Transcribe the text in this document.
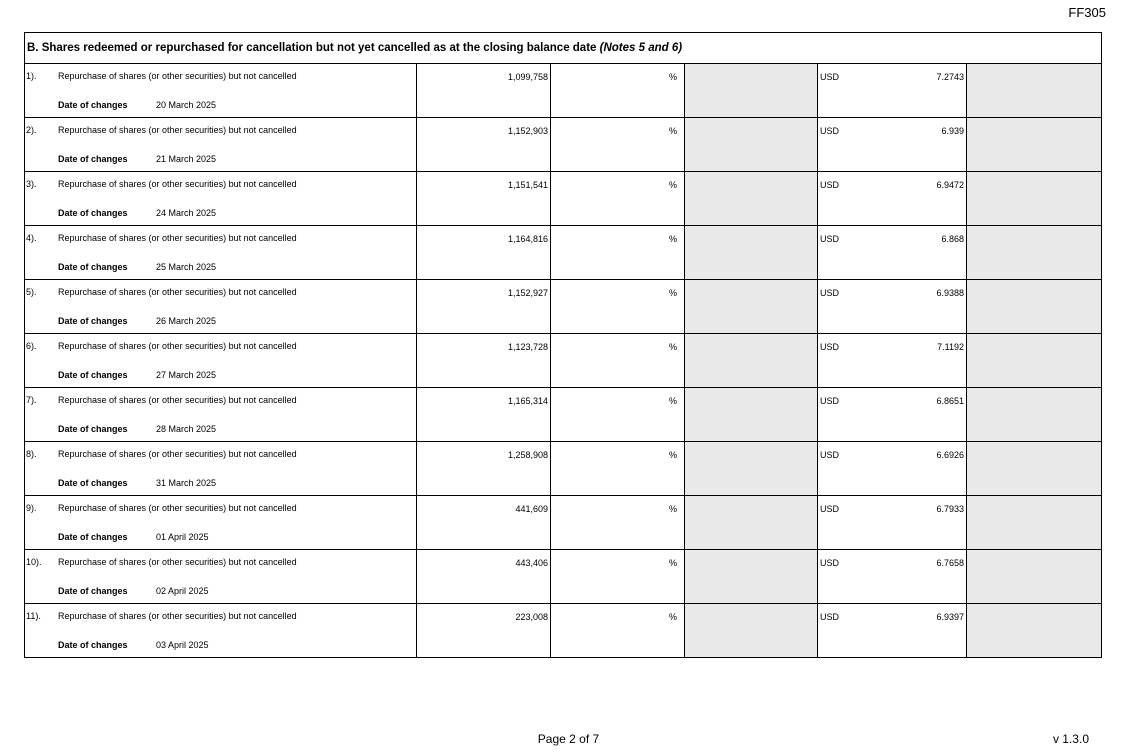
FF305
B. Shares redeemed or repurchased for cancellation but not yet cancelled as at the closing balance date (Notes 5 and 6)
1). Repurchase of shares (or other securities) but not cancelled
Date of changes	20 March 2025
1,099,758	%	USD	7.2743
2). Repurchase of shares (or other securities) but not cancelled
Date of changes	21 March 2025
1,152,903	%	USD	6.939
3). Repurchase of shares (or other securities) but not cancelled
Date of changes	24 March 2025
1,151,541	%	USD	6.9472
4). Repurchase of shares (or other securities) but not cancelled
Date of changes	25 March 2025
1,164,816	%	USD	6.868
5). Repurchase of shares (or other securities) but not cancelled
Date of changes	26 March 2025
1,152,927	%	USD	6.9388
6). Repurchase of shares (or other securities) but not cancelled
Date of changes	27 March 2025
1,123,728	%	USD	7.1192
7). Repurchase of shares (or other securities) but not cancelled
Date of changes	28 March 2025
1,165,314	%	USD	6.8651
8). Repurchase of shares (or other securities) but not cancelled
Date of changes	31 March 2025
1,258,908	%	USD	6.6926
9). Repurchase of shares (or other securities) but not cancelled
Date of changes	01 April 2025
441,609	%	USD	6.7933
10). Repurchase of shares (or other securities) but not cancelled
Date of changes	02 April 2025
443,406	%	USD	6.7658
11). Repurchase of shares (or other securities) but not cancelled
Date of changes	03 April 2025
223,008	%	USD	6.9397
Page 2 of 7	v 1.3.0
